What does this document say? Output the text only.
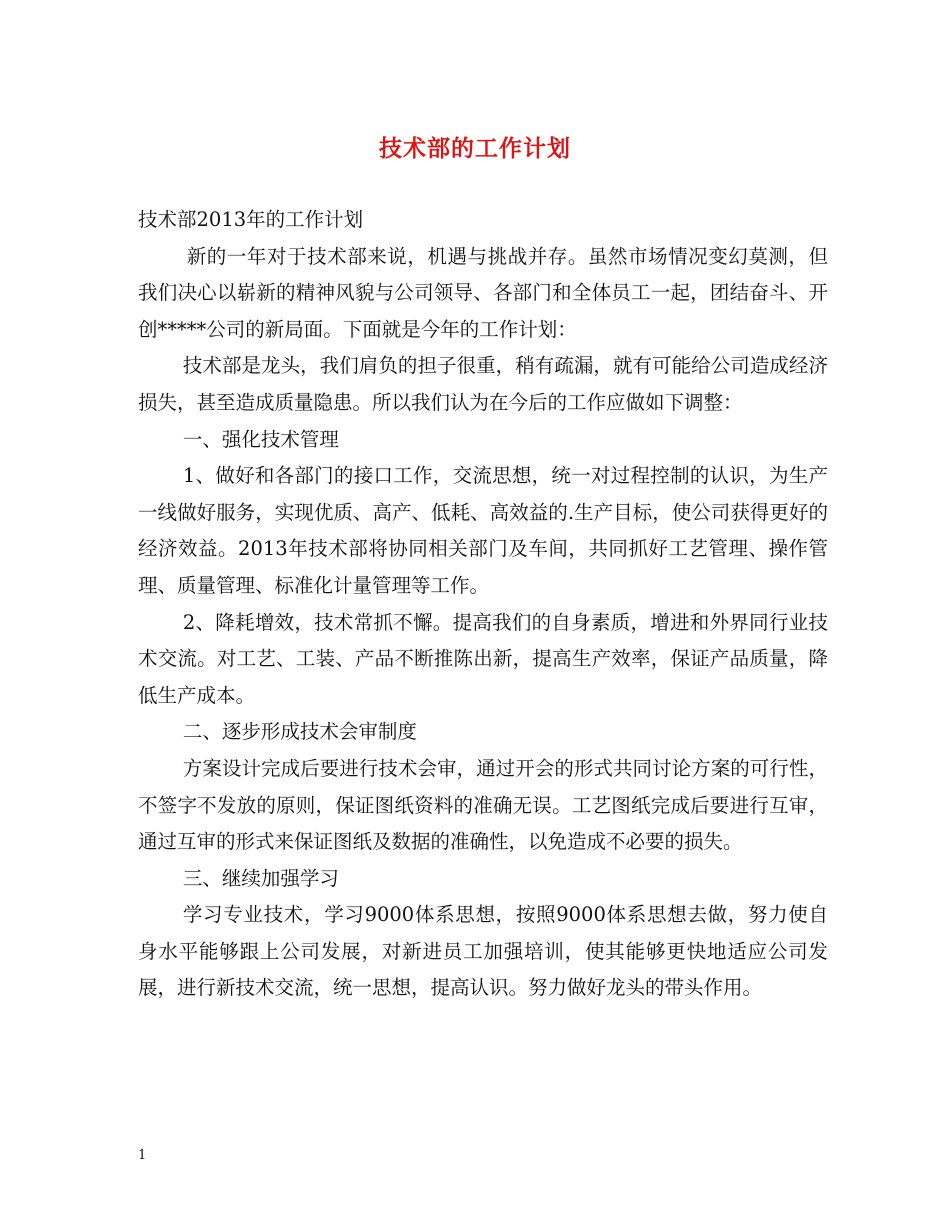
技术部的工作计划

技术部2013年的工作计划

新的一年对于技术部来说，机遇与挑战并存。虽然市场情况变幻莫测，但我们决心以崭新的精神风貌与公司领导、各部门和全体员工一起，团结奋斗、开创*****公司的新局面。下面就是今年的工作计划：

技术部是龙头，我们肩负的担子很重，稍有疏漏，就有可能给公司造成经济损失，甚至造成质量隐患。所以我们认为在今后的工作应做如下调整：

一、强化技术管理

1、做好和各部门的接口工作，交流思想，统一对过程控制的认识，为生产一线做好服务，实现优质、高产、低耗、高效益的.生产目标，使公司获得更好的经济效益。2013年技术部将协同相关部门及车间，共同抓好工艺管理、操作管理、质量管理、标准化计量管理等工作。

2、降耗增效，技术常抓不懈。提高我们的自身素质，增进和外界同行业技术交流。对工艺、工装、产品不断推陈出新，提高生产效率，保证产品质量，降低生产成本。

二、逐步形成技术会审制度

方案设计完成后要进行技术会审，通过开会的形式共同讨论方案的可行性，不签字不发放的原则，保证图纸资料的准确无误。工艺图纸完成后要进行互审，通过互审的形式来保证图纸及数据的准确性，以免造成不必要的损失。

三、继续加强学习

学习专业技术，学习9000体系思想，按照9000体系思想去做，努力使自身水平能够跟上公司发展，对新进员工加强培训，使其能够更快地适应公司发展，进行新技术交流，统一思想，提高认识。努力做好龙头的带头作用。

1
